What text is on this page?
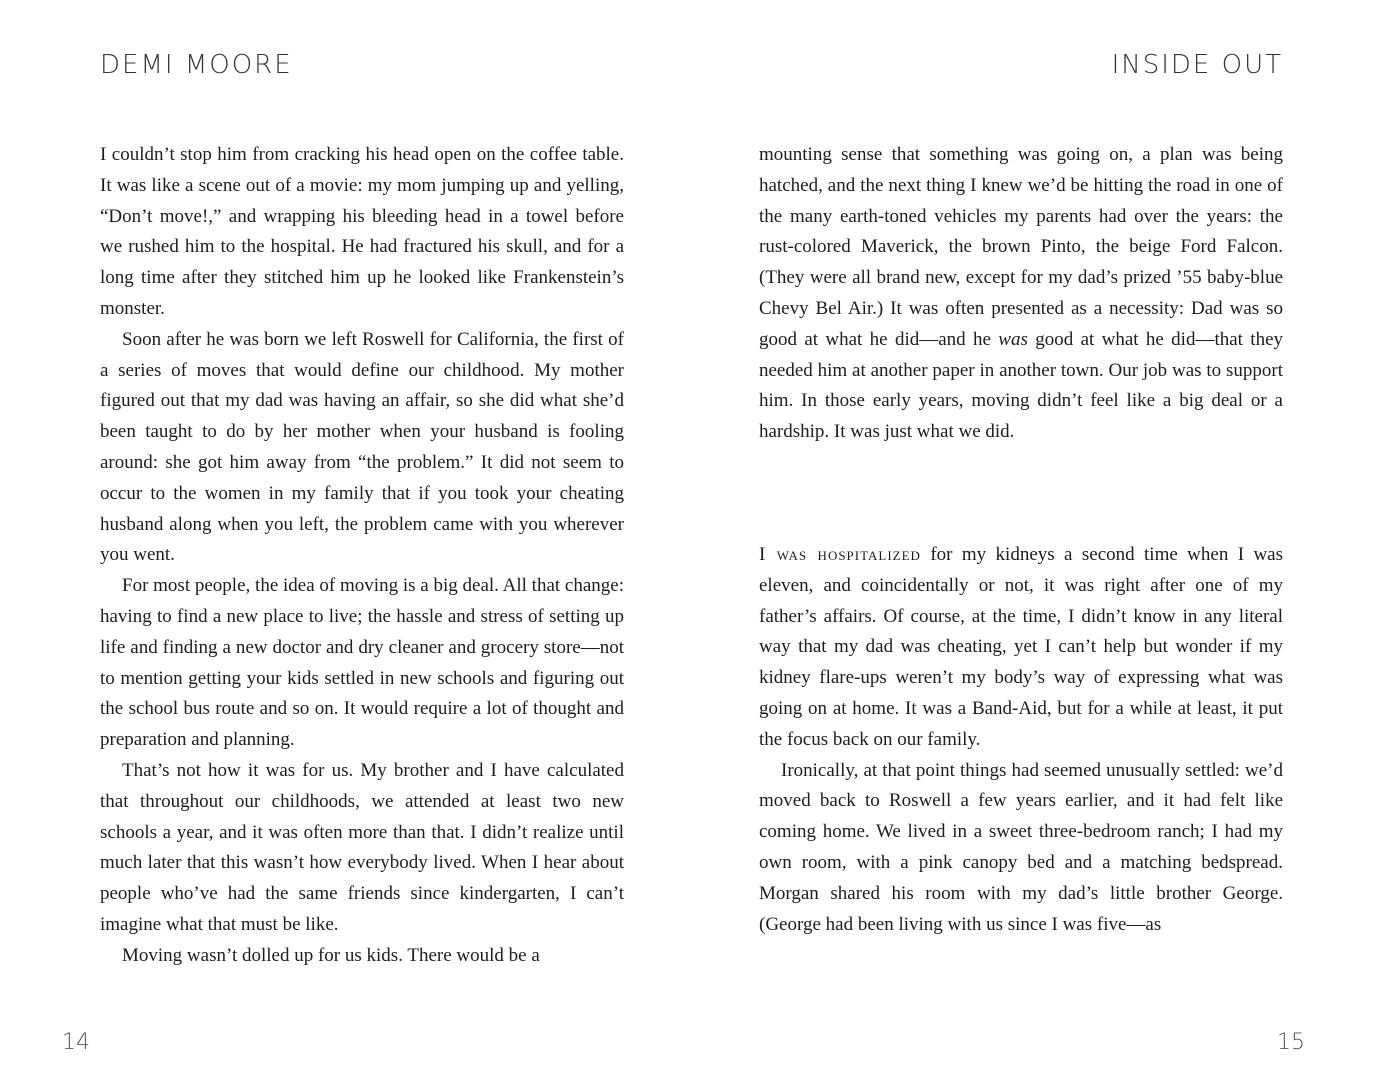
DEMI MOORE

I couldn’t stop him from cracking his head open on the coffee table. It was like a scene out of a movie: my mom jumping up and yelling, “Don’t move!,” and wrapping his bleeding head in a towel before we rushed him to the hospital. He had fractured his skull, and for a long time after they stitched him up he looked like Frankenstein’s monster.

Soon after he was born we left Roswell for California, the first of a series of moves that would define our childhood. My mother figured out that my dad was having an affair, so she did what she’d been taught to do by her mother when your husband is fooling around: she got him away from “the problem.” It did not seem to occur to the women in my family that if you took your cheating husband along when you left, the problem came with you wherever you went.

For most people, the idea of moving is a big deal. All that change: having to find a new place to live; the hassle and stress of setting up life and finding a new doctor and dry cleaner and grocery store—not to mention getting your kids settled in new schools and figuring out the school bus route and so on. It would require a lot of thought and preparation and planning.

That’s not how it was for us. My brother and I have calculated that throughout our childhoods, we attended at least two new schools a year, and it was often more than that. I didn’t realize until much later that this wasn’t how everybody lived. When I hear about people who’ve had the same friends since kindergarten, I can’t imagine what that must be like.

Moving wasn’t dolled up for us kids. There would be a

14
INSIDE OUT

mounting sense that something was going on, a plan was being hatched, and the next thing I knew we’d be hitting the road in one of the many earth-toned vehicles my parents had over the years: the rust-colored Maverick, the brown Pinto, the beige Ford Falcon. (They were all brand new, except for my dad’s prized ’55 baby-blue Chevy Bel Air.) It was often presented as a necessity: Dad was so good at what he did—and he was good at what he did—that they needed him at another paper in another town. Our job was to support him. In those early years, moving didn’t feel like a big deal or a hardship. It was just what we did.

I was hospitalized for my kidneys a second time when I was eleven, and coincidentally or not, it was right after one of my father’s affairs. Of course, at the time, I didn’t know in any literal way that my dad was cheating, yet I can’t help but wonder if my kidney flare-ups weren’t my body’s way of expressing what was going on at home. It was a Band-Aid, but for a while at least, it put the focus back on our family.

Ironically, at that point things had seemed unusually settled: we’d moved back to Roswell a few years earlier, and it had felt like coming home. We lived in a sweet three-bedroom ranch; I had my own room, with a pink canopy bed and a matching bedspread. Morgan shared his room with my dad’s little brother George. (George had been living with us since I was five—as

15
